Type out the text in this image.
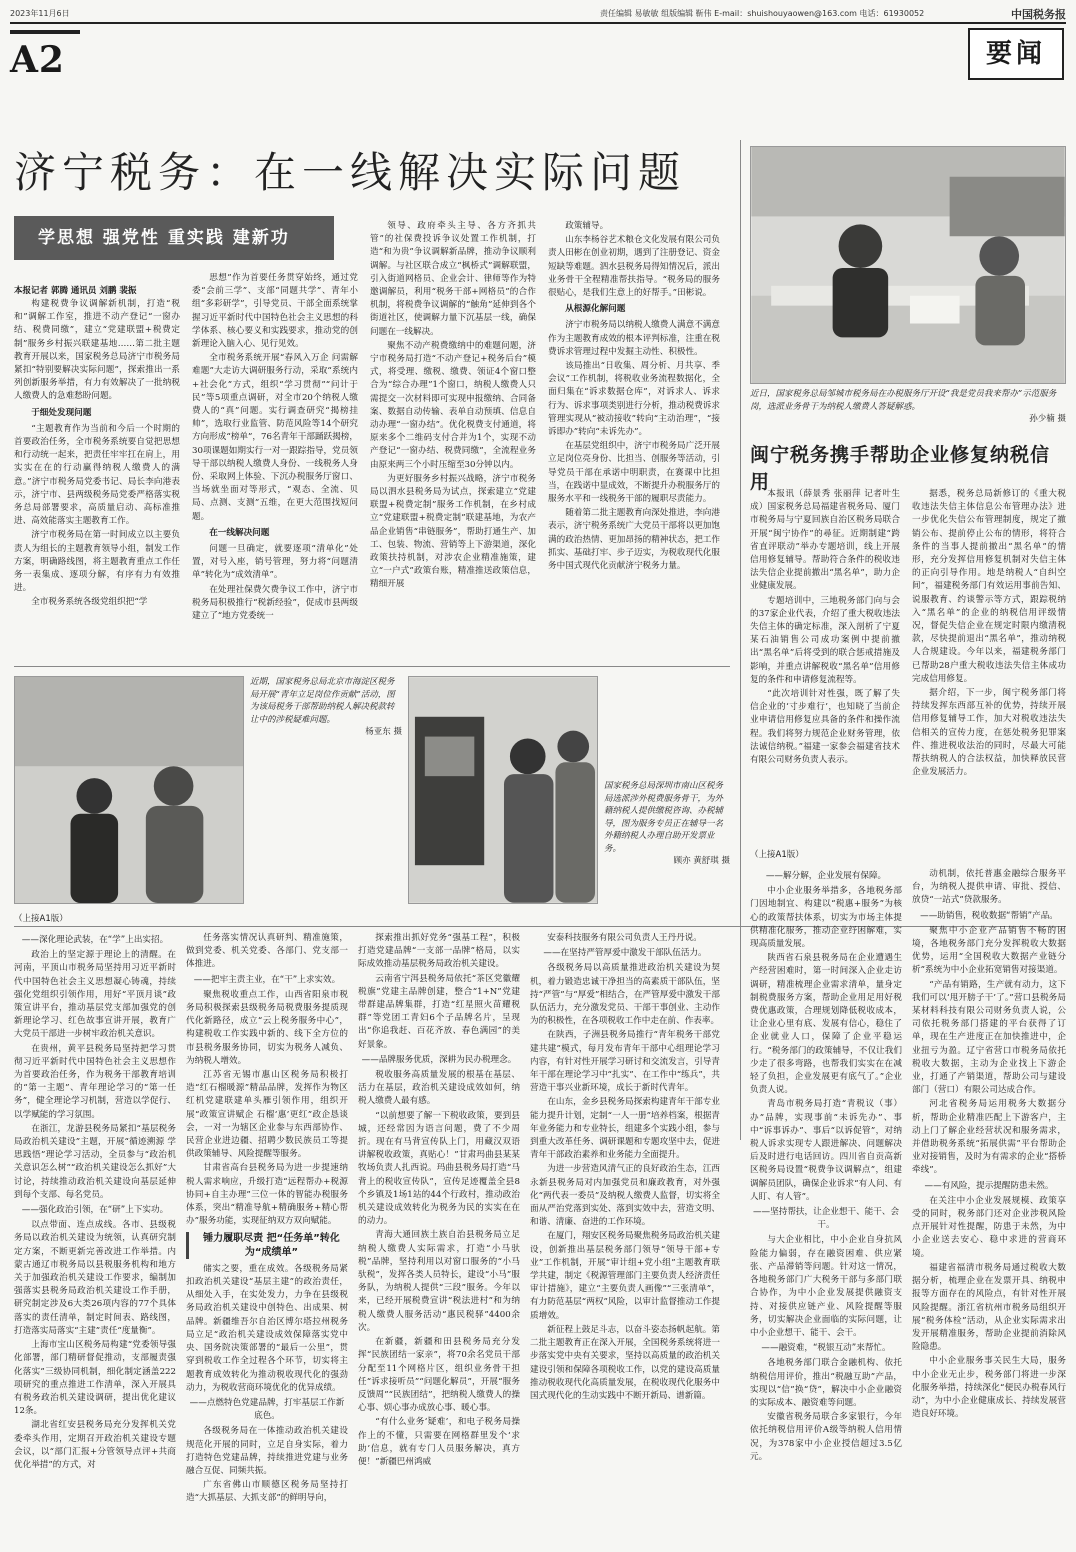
2023年11月6日	责任编辑 易敏敏 组版编辑 靳伟 E-mail：shuishouyaowen@163.com 电话：61930052	中国税务报
A2	要闻
济宁税务：在一线解决实际问题
学思想 强党性 重实践 建新功
本报记者 郭腾 通讯员 刘鹏 裴振

构建税费争议调解新机制，打造“税和”调解工作室，推进不动产登记“一窗办结、税费同缴”，建立“党建联盟+税费定制”服务乡村振兴联建基地……第二批主题教育开展以来，国家税务总局济宁市税务局紧扣“特别要解决实际问题”，探索推出一系列创新服务举措，有力有效解决了一批纳税人缴费人的急难愁盼问题。

于细处发现问题

“主题教育作为当前和今后一个时期的首要政治任务，全市税务系统要自觉把思想和行动统一起来，把责任牢牢扛在肩上，用实实在在的行动赢得纳税人缴费人的满意。”济宁市税务局党委书记、局长李向港表示，济宁市、县两级税务局党委严格落实税务总局部署要求，高质量启动、高标准推进、高效能落实主题教育工作。

济宁市税务局在第一时间成立以主要负责人为组长的主题教育领导小组，制发工作方案，明确路线图，将主题教育重点工作任务一表集成、逐项分解，有序有力有效推进。

全市税务系统各级党组织把“学

思想”作为首要任务贯穿始终，通过党委“会前三学”、支部“同题共学”、青年小组“多彩研学”，引导党员、干部全面系统掌握习近平新时代中国特色社会主义思想的科学体系、核心要义和实践要求，推动党的创新理论入脑入心、见行见效。

全市税务系统开展“春风入万企 问需解难题”大走访大调研服务行动，采取“系统内+社会化”方式，组织“学习贯彻”“问计于民”等5项重点调研，对全市20个纳税人缴费人的“真”问题。实行调查研究“揭榜挂帅”，选取行业监管、防范风险等14个研究方向形成“榜单”，76名青年干部踊跃揭榜，30项课题如期实行一对一跟踪指导，党员领导干部以纳税人缴费人身份、一线税务人身份、采取网上体验、下沉办税服务厅窗口、当场就坐面对等形式，“观态、全流、贝局、点测、支测”五维，在更大范围找短问题。

在一线解决问题

问题一旦确定，就要逐项“清单化”处置，对号入座，销号管理，努力将“问题清单”转化为“成效清单”。

在处理社保费欠费争议工作中，济宁市税务局积极推行“税新经验”，促成市县两级建立了“地方党委统一

领导、政府牵头主导、各方齐抓共管”的社保费投诉争议处置工作机制，打造“和为贵”争议调解新品牌，推动争议顺利调解。与社区联合成立“枫桥式”调解联盟，引入街道网格员、企业会计、律师等作为特邀调解员，利用“税务干部+网格员”的合作机制，将税费争议调解的“触角”延伸到各个街道社区，使调解力量下沉基层一线，确保问题在一线解决。

聚焦不动产税费缴纳中的难题问题，济宁市税务局打造“不动产登记+税务后台”模式，将受理、缴税、缴费、领证4个窗口整合为“综合办理”1个窗口，纳税人缴费人只需提交一次材料即可实现申报缴纳、合同备案、数据自动传输、表单自动预填、信息自动办理“一窗办结”。优化税费支付通道，将原来多个二维码支付合并为1个，实现不动产登记“一窗办结、税费同缴”，全流程业务由原来两三个小时压缩至30分钟以内。

为更好服务乡村振兴战略，济宁市税务局以泗水县税务局为试点，探索建立“党建联盟+税费定制”服务工作机制，在乡村成立“党建联盟+税费定制”联建基地，为农产品企业销售“串链服务”，帮助打通生产、加工、包装、物流、营销等上下游渠道，深化政策扶持机制，对涉农企业精准施策，建立“一户式”政策台账，精准推送政策信息，精细开展

政策辅导。

山东李杨谷艺术粮仓文化发展有限公司负责人田彬在创业初期，遇到了注册登记、资金短缺等难题。泗水县税务局得知情况后，派出业务骨干全程精准帮扶指导。“税务局的服务很贴心，是我们生意上的好帮手。”田彬说。

从根源化解问题

济宁市税务局以纳税人缴费人满意不满意作为主题教育成效的根本评判标准，注重在税费诉求管理过程中发掘主动性、积极性。

该局推出“日收集、周分析、月共享、季会议”工作机制，将税收业务流程数据化，全面归集在“诉求数据仓库”，对诉求人、诉求行为、诉求事项类别进行分析，推动税费诉求管理实现从“被动接收”转向“主动治理”，“接诉即办”转向“未诉先办”。

在基层党组织中，济宁市税务局广泛开展立足岗位亮身份、比担当、创服务等活动，引导党员干部在承诺中明职责，在赛课中比担当，在践诺中显成效，不断提升办税服务厅的服务水平和一线税务干部的履职尽责能力。

随着第二批主题教育向深处推进，李向港表示，济宁税务系统广大党员干部将以更加饱满的政治热情、更加昂扬的精神状态，把工作抓实、基础打牢、步子迈实，为税收现代化服务中国式现代化贡献济宁税务力量。

近日，国家税务总局邹城市税务局在办税服务厅开设“我是党员我来帮办”示范服务岗，选派业务骨干为纳税人缴费人答疑解惑。
孙少楠 摄
闽宁税务携手帮助企业修复纳税信用

本报讯（薛景秀 张丽萍 记者叶生成）国家税务总局福建省税务局、厦门市税务局与宁夏回族自治区税务局联合开展“闽宁协作”的尋征。近期制建“跨省直评联动”举办专题培训，线上开展信用修复辅导。帮助符合条件的税收违法失信企业提前撤出“黑名单”，助力企业健康发展。

专题培训中，三地税务部门向与会的37家企业代表，介绍了重大税收违法失信主体的确定标准，深入剖析了宁夏某石油销售公司成功案例中提前撤出“黑名单”后将受到的联合惩戒措施及影响，并重点讲解税收“黑名单”信用修复的条件和申请修复流程等。

“此次培训针对性强，既了解了失信企业的‘寸步难行’，也知晓了当前企业申请信用修复应具备的条件和操作流程。我们将努力规范企业财务管理，依法诚信纳税。”福建一家参会福建省技术有限公司财务负责人表示。

据悉，税务总局新修订的《重大税收违法失信主体信息公布管理办法》进一步优化失信公布管理制度，规定了撤销公布、提前停止公布的情形，将符合条件的当事人提前撤出“黑名单”的情形，充分发挥信用修复机制对失信主体的正向引导作用。地是纳税人“自纠空间”，福建税务部门有效运用事前告知、说服教育、约谈警示等方式，跟踪税纳入“黑名单”的企业的纳税信用评级情况，督促失信企业在规定时限内缴清税款，尽快提前退出“黑名单”，推动纳税人合规建设。今年以来，福建税务部门已帮助28户重大税收违法失信主体成功完成信用修复。

据介绍，下一步，闽宁税务部门将持续发挥东西部互补的优势，持续开展信用修复辅导工作，加大对税收违法失信相关的宣传力度，在惩处税务犯罪案件、推进税收法治的同时，尽最大可能帮扶纳税人的合法权益，加快释放民营企业发展活力。

近期，国家税务总局北京市海淀区税务局开展“青年立足岗位作贡献”活动，图为该局税务干部帮助纳税人解决税款转让中的涉税疑难问题。
杨亚东 摄
国家税务总局深圳市南山区税务局选派涉外税费服务骨干，为外籍纳税人提供缴税咨询、办税辅导，图为服务专员正在辅导一名外籍纳税人办理自助开发票业务。
顾亦 黄舒琪 摄
（上接A1版）
（上接A1版）
——深化理论武装，在“学”上出实招。

政治上的坚定源于理论上的清醒。在河南，平顶山市税务局坚持用习近平新时代中国特色社会主义思想凝心铸魂，持续强化党组织引领作用，用好“平顶月谈”政策宣讲平台，推动基层党支部加强党的创新理论学习、红色故事宣讲开展，教育广大党员干部进一步树牢政治机关意识。

在贵州，黄平县税务局坚持把学习贯彻习近平新时代中国特色社会主义思想作为首要政治任务，作为税务干部教育培训的“第一主题”、青年理论学习的“第一任务”，健全理论学习机制，营造以学促行、以学赋能的学习氛围。

在浙江，龙游县税务局紧扣“基层税务局政治机关建设”主题，开展“循迹溯源 学思践悟”理论学习活动，全员参与“政治机关意识怎么树”“政治机关建设怎么抓好”大讨论，持续推动政治机关建设向基层延伸到每个支部、每名党员。

——强化政治引领，在“研”上下实功。

以点带面、连点成线。各市、县级税务局以政治机关建设为统领，认真研究制定方案，不断更新完善改进工作举措。内蒙古通辽市税务局以县税服务机构和地方关于加强政治机关建设工作要求，编制加强落实县税务局政治机关建设工作手册，研究制定涉及6大类26项内容的77个具体落实的责任清单，制定时间表、路线图，打造落实局落实“主建”责任“度量衡”。

上海市宝山区税务局构建“党委领导强化部署，部门精研督促推动，支部履责强化落实”三级协同机制，细化制定涵盖222项研究的重点推进工作清单，深入开展具有税务政治机关建设调研，提出优化建议12条。

湖北省红安县税务局充分发挥机关党委牵头作用，定期召开政治机关建设专题会议，以“部门汇报+分管领导点评+共商优化举措”的方式，对

任务落实情况认真研判、精准施策，做到党委、机关党委、各部门、党支部一体推进。

——把牢主责主业，在“干”上求实效。

聚焦税收重点工作，山西省阳泉市税务局积极探索县级税务局税费服务提质现代化新路径，成立“云上税务服务中心”，构建税收工作实践中新的、线下全方位的市县税务服务协同，切实为税务人减负、为纳税人增效。

江苏省无锡市惠山区税务局积极打造“红石榴暖源”精品品牌，发挥作为物区红机党建联建单头雁引领作用，组织开展“政策宣讲赋企 石榴‘惠’更红”政企恳谈会，一对一为辖区企业参与东西部协作、民营企业进边疆、招聘少数民族员工等提供政策辅导、风险提醒等服务。

甘肃省高台县税务局为进一步提速纳税人需求响应，升级打造“远程帮办+税源协同+自主办理”三位一体的智能办税服务体系，突出“精准导航+精确服务+精心帮办”服务功能，实现征纳双方双向赋能。

锤力履职尽责 把“任务单”转化为“成绩单”

储实之要，重在成效。各级税务局紧扣政治机关建设“基层主建”的政治责任，从细处入手，在实处发力，力争在县级税务局政治机关建设中创特色、出成果、树品牌。新疆维吾尔自治区博尔塔拉州税务局立足“政治机关建设成效保障落实党中央、国务院决策部署的“最后一公里”，贯穿到税收工作全过程各个环节，切实将主题教育成效转化为推动税收现代化的强劲动力，为税收营商环境优化的优异成绩。

——点燃特色党建品牌，打牢基层工作新底色。

各级税务局在一体推动政治机关建设规范化开展的同时，立足自身实际，着力打造特色党建品牌，持续推进党建与业务融合互促、同频共振。

广东省佛山市顺德区税务局坚持打造“大抓基层、大抓支部”的鲜明导向，

探索推出抓好党务“强基工程”，积极打造党建品牌“一支部一品牌”格局，以实际成效推动基层税务局政治机关建设。

云南省宁洱县税务局依托“茶区党徽耀税旗”党建主品牌创建，整合“1+N”党建带群建品牌集群，打造“红星照火苗耀税群”等党团工青妇6个子品牌名片，呈现出“你追我赶、百花齐放、春色满园”的美好景象。

——品牌服务优质，深耕为民办税理念。

税收服务高质量发展的根基在基层、活力在基层，政治机关建设成效如何，纳税人缴费人最有感。

“以前想要了解一下税收政策，要到县城，还经常因为语言问题，费了不少周折。现在有马背宣传队上门，用藏汉双语讲解税收政策，真贴心！”甘肃玛曲县某某牧场负责人扎西说。玛曲县税务局打造“马背上的税收宣传队”，宣传足迹覆盖全县8个乡镇及1场1站的44个行政村，推动政治机关建设成效转化为税务为民的实实在在的动力。

青海大通回族土族自治县税务局立足纳税人缴费人实际需求，打造“小马驮税”品牌，坚持利用以对窗口服务的“小马驮税”，发挥各类人员特长，建设“小马”服务队，为纳税人提供“三段”服务。今年以来，已经开展税费宣讲“税法进村”和为纳税人缴费人服务活动“惠民税驿”4400余次。

在新疆，新疆和田县税务局充分发挥“民族团结一家亲”，将70余名党员干部分配至11个网格片区，组织业务骨干担任“诉求接听员”“问题化解员”，开展“服务反馈周”“民族团结”，把纳税人缴费人的操心事、烦心事办成放心事、暖心事。

“有什么业务‘疑难’，和电子税务局操作上的不懂，只需要在网格群里发个‘求助’信息，就有专门人员服务解决，真方便！”新疆巴州鸿威

安泰科技服务有限公司负责人王丹丹说。

——在坚持严管厚爱中激发干部队伍活力。

各级税务局以高质量推进政治机关建设为契机，着力锻造忠诚干净担当的高素质干部队伍，坚持“严管”与“厚爱”相结合，在严管厚爱中激发干部队伍活力，充分激发党员、干部干事创业、主动作为的积极性，在各项税收工作中走在前、作表率。

在陕西，子洲县税务局推行“青年税务干部党建共建”模式，每月发布青年干部中心组理论学习内容，有针对性开展学习研讨和交流发言，引导青年干部在理论学习中“扎实”、在工作中“练兵”，共营造干事兴业新环境，成长于新时代青年。

在山东，金乡县税务局探索构建青年干部专业能力提升计划，定制“一人一册”培养档案，根据青年业务能力和专业特长，组建多个实践小组，参与到重大改革任务、调研课题和专题攻坚中去，促进青年干部政治素养和业务能力全面提升。

为进一步营造风清气正的良好政治生态，江西永新县税务局对内加强党员和廉政教育，对外强化“两代表一委员”及纳税人缴费人监督，切实将全面从严治党落到实处、落到实效中去，营造文明、和谐、清廉、奋进的工作环境。

在厦门，翔安区税务局聚焦税务局政治机关建设，创新推出基层税务部门领导“领导干部+专业”工作机制，开展“审计组+党小组”主题教育联学共建，制定《税源管理部门主要负责人经济责任审计措施》，建立“主要负责人画像”“三张清单”，有力防范基层“两权”风险，以审计监督推动工作提质增效。

新征程上鼓足斗志，以奋斗姿态扬帆起航。第二批主题教育正在深入开展，全国税务系统将进一步落实党中央有关要求，坚持以高质量的政治机关建设引领和保障各项税收工作，以党的建设高质量推动税收现代化高质量发展，在税收现代化服务中国式现代化的生动实践中不断开新局、谱新篇。

——解分解，企业发展有保障。

中小企业服务举措多，各地税务部门因地制宜、构建以“税惠+服务”为核心的政策帮扶体系，切实为市场主体提供精准化服务，推动企业纾困解难，实现高质量发展。

陕西省石泉县税务局在企业遭遇生产经营困难时，第一时间深入企业走访调研，精准梳理企业需求清单，量身定制税费服务方案，帮助企业用足用好税费优惠政策，合理规划降低税收成本，让企业心里有底、发展有信心，稳住了企业就业人口，保障了企业平稳运行。“税务部门的政策辅导，不仅让我们少走了很多弯路，也帮我们实实在在减轻了负担，企业发展更有底气了。”企业负责人说。

青岛市税务局打造“青税议（事）办”品牌，实现事前“未诉先办”、事中“诉事诉办”、事后“以诉促管”，对纳税人诉求实现专人跟进解决、问题解决后及时进行电话回访。四川省自贡高新区税务局设置“税费争议调解点”，组建调解员团队，确保企业诉求“有人问、有人盯、有人管”。

——坚持帮扶，让企业想干、能干、会干。

与大企业相比，中小企业自身抗风险能力偏弱，存在融资困难、供应紧张、产品滞销等问题。针对这一情况，各地税务部门广大税务干部与多部门联合协作，为中小企业发展提供融资支持、对接供应链产业、风险提醒等服务，切实解决企业面临的实际问题，让中小企业想干、能干、会干。

——融资难，“税银互动”来帮忙。

各地税务部门联合金融机构、依托纳税信用评价，推出“税融互助”产品，实现以“信”换“贷”，解决中小企业融资的实际成本、融资难等问题。

安徽省税务局联合多家银行，今年依托纳税信用评价A级等纳税人信用情况，为378家中小企业授信超过3.5亿元。

动机制，依托普惠金融综合服务平台，为纳税人提供申请、审批、授信、放贷“一站式”贷款服务。

——助销售，税收数据“帮销”产品。

聚焦中小企业产品销售不畅的困境，各地税务部门充分发挥税收大数据优势，运用“全国税收大数据产业链分析”系统为中小企业拓宽销售对接渠道。

“产品有销路，生产就有动力，这下我们可以‘甩开膀子干’了。”营口县税务局某材料科技有限公司财务负责人说，公司依托税务部门搭建的平台获得了订单，现在生产进度正在加快推进中，企业扭亏为盈。辽宁省营口市税务局依托税收大数据，主动为企业找上下游企业，打通了产销渠道，帮助公司与建设部门（营口）有限公司达成合作。

河北省税务局运用税务大数据分析，帮助企业精准匹配上下游客户，主动上门了解企业经营状况和服务需求，并借助税务系统“拓展供需”平台帮助企业对接销售，及时为有需求的企业“搭桥牵线”。

——有风险，提示提醒防患未然。

在关注中小企业发展规模、政策享受的同时，税务部门还对企业涉税风险点开展针对性提醒，防患于未然，为中小企业送去安心、稳中求进的营商环境。

福建省福清市税务局通过税收大数据分析，梳理企业在发票开具、纳税申报等方面存在的风险点，有针对性开展风险提醒。浙江省杭州市税务局组织开展“税务体检”活动，从企业实际需求出发开展精准服务，帮助企业提前消除风险隐患。

中小企业服务事关民生大局，服务中小企业无止步，税务部门将进一步深化服务举措，持续深化“便民办税春风行动”，为中小企业健康成长、持续发展营造良好环境。
